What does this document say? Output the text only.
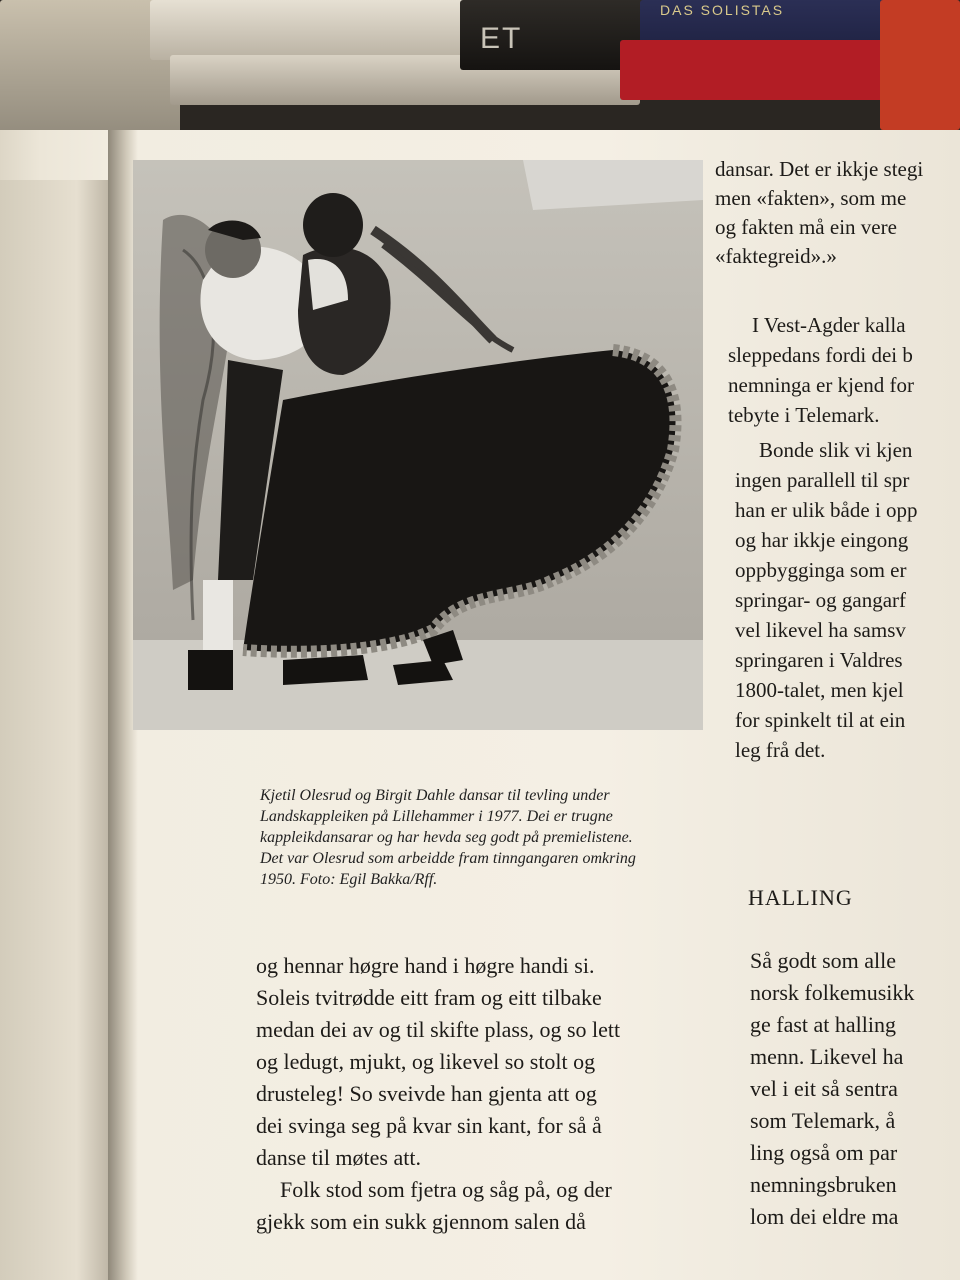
ET
DAS SOLISTAS
Kjetil Olesrud og Birgit Dahle dansar til tevling under
Landskappleiken på Lillehammer i 1977. Dei er trugne
kappleikdansarar og har hevda seg godt på premielistene.
Det var Olesrud som arbeidde fram tinngangaren omkring
1950. Foto: Egil Bakka/Rff.
og hennar høgre hand i høgre handi si.
Soleis tvitrødde eitt fram og eitt tilbake
medan dei av og til skifte plass, og so lett
og ledugt, mjukt, og likevel so stolt og
drusteleg! So sveivde han gjenta att og
dei svinga seg på kvar sin kant, for så å
danse til møtes att.
Folk stod som fjetra og såg på, og der
gjekk som ein sukk gjennom salen då
dansar. Det er ikkje stegi
men «fakten», som me
og fakten må ein vere
«faktegreid».»
I Vest-Agder kalla
sleppedans fordi dei b
nemninga er kjend for
tebyte i Telemark.
Bonde slik vi kjen
ingen parallell til spr
han er ulik både i opp
og har ikkje eingong
oppbygginga som er
springar- og gangarf
vel likevel ha samsv
springaren i Valdres
1800-talet, men kjel
for spinkelt til at ein
leg frå det.
HALLING
Så godt som alle
norsk folkemusikk
ge fast at halling
menn. Likevel ha
vel i eit så sentra
som Telemark, å
ling også om par
nemningsbruken
lom dei eldre ma
